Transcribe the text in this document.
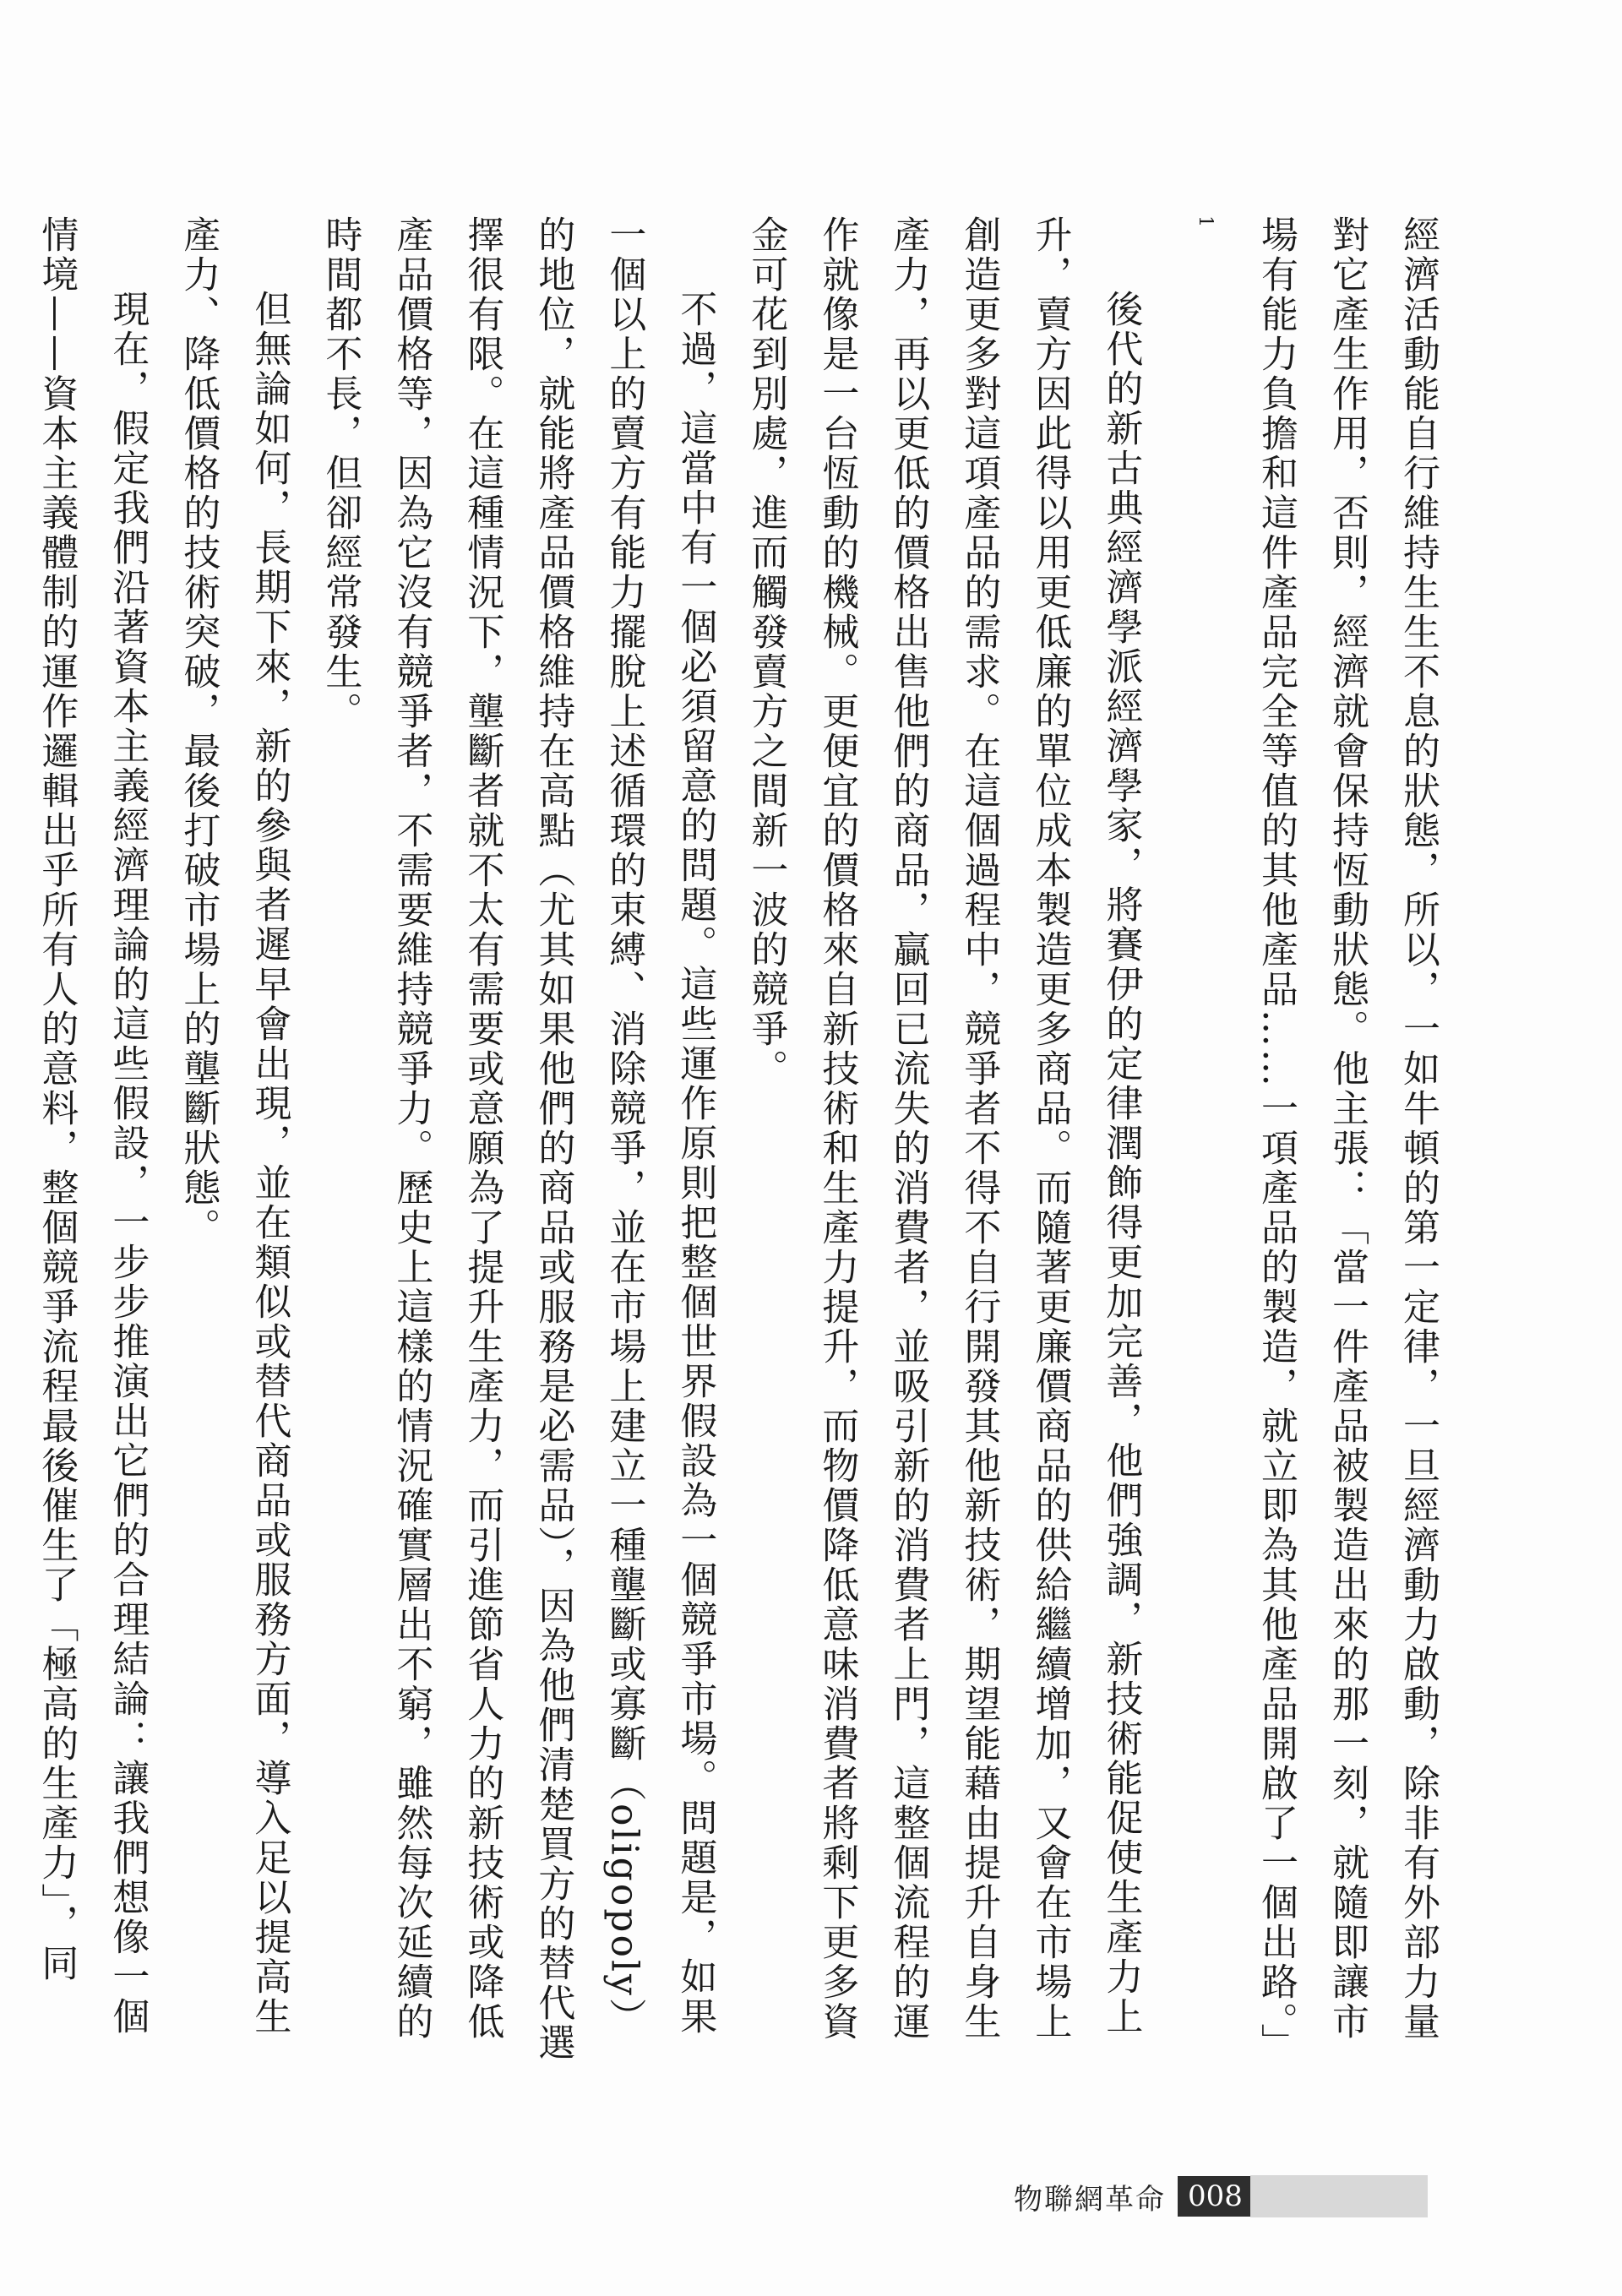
經濟活動能自行維持生生不息的狀態，所以，一如牛頓的第一定律，一旦經濟動力啟動，除非有外部力量對它產生作用，否則，經濟就會保持恆動狀態。他主張：「當一件產品被製造出來的那一刻，就隨即讓市場有能力負擔和這件產品完全等值的其他產品……一項產品的製造，就立即為其他產品開啟了一個出路。」$^1$

後代的新古典經濟學派經濟學家，將賽伊的定律潤飾得更加完善，他們強調，新技術能促使生產力上升，賣方因此得以用更低廉的單位成本製造更多商品。而隨著更廉價商品的供給繼續增加，又會在市場上創造更多對這項產品的需求。在這個過程中，競爭者不得不自行開發其他新技術，期望能藉由提升自身生產力，再以更低的價格出售他們的商品，贏回已流失的消費者，並吸引新的消費者上門，這整個流程的運作就像是一台恆動的機械。更便宜的價格來自新技術和生產力提升，而物價降低意味消費者將剩下更多資金可花到別處，進而觸發賣方之間新一波的競爭。

不過，這當中有一個必須留意的問題。這些運作原則把整個世界假設為一個競爭市場。問題是，如果一個以上的賣方有能力擺脫上述循環的束縛、消除競爭，並在市場上建立一種壟斷或寡斷（oligopoly）的地位，就能將產品價格維持在高點（尤其如果他們的商品或服務是必需品），因為他們清楚買方的替代選擇很有限。在這種情況下，壟斷者就不太有需要或意願為了提升生產力，而引進節省人力的新技術或降低產品價格等，因為它沒有競爭者，不需要維持競爭力。歷史上這樣的情況確實層出不窮，雖然每次延續的時間都不長，但卻經常發生。

但無論如何，長期下來，新的參與者遲早會出現，並在類似或替代商品或服務方面，導入足以提高生產力、降低價格的技術突破，最後打破市場上的壟斷狀態。

現在，假定我們沿著資本主義經濟理論的這些假設，一步步推演出它們的合理結論：讓我們想像一個情境——資本主義體制的運作邏輯出乎所有人的意料，整個競爭流程最後催生了「極高的生產力」，同

物聯網革命 008
